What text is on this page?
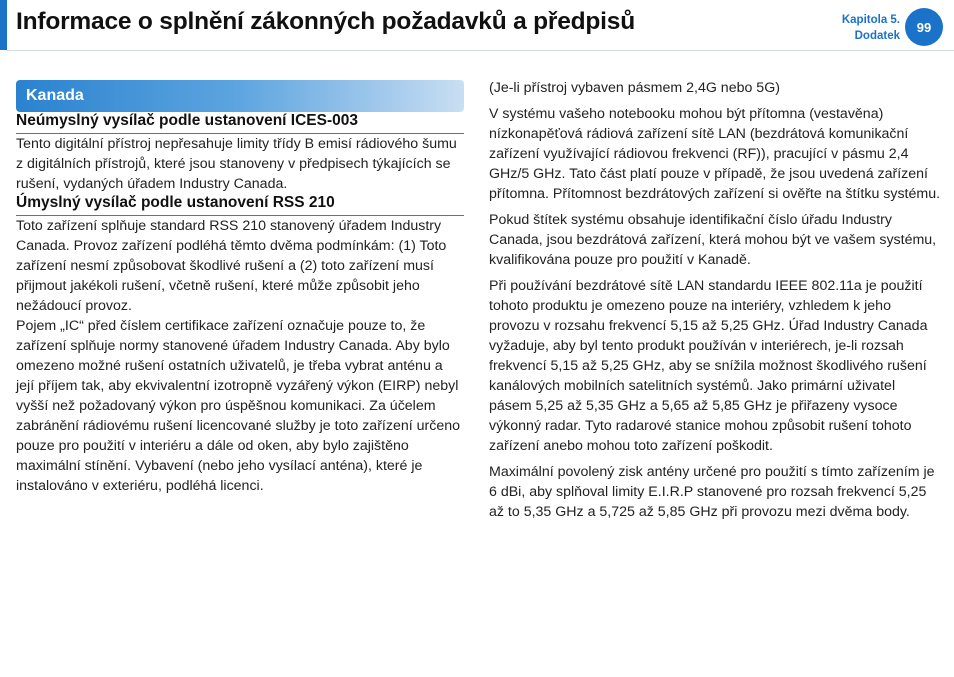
Informace o splnění zákonných požadavků a předpisů	Kapitola 5.
Dodatek
99
Kanada
Neúmyslný vysílač podle ustanovení ICES-003

Tento digitální přístroj nepřesahuje limity třídy B emisí rádiového šumu z digitálních přístrojů, které jsou stanoveny v předpisech týkajících se rušení, vydaných úřadem Industry Canada.

Úmyslný vysílač podle ustanovení RSS 210

Toto zařízení splňuje standard RSS 210 stanovený úřadem Industry Canada. Provoz zařízení podléhá těmto dvěma podmínkám: (1) Toto zařízení nesmí způsobovat škodlivé rušení a (2) toto zařízení musí přijmout jakékoli rušení, včetně rušení, které může způsobit jeho nežádoucí provoz.

Pojem „IC“ před číslem certifikace zařízení označuje pouze to, že zařízení splňuje normy stanovené úřadem Industry Canada. Aby bylo omezeno možné rušení ostatních uživatelů, je třeba vybrat anténu a její příjem tak, aby ekvivalentní izotropně vyzářený výkon (EIRP) nebyl vyšší než požadovaný výkon pro úspěšnou komunikaci. Za účelem zabránění rádiovému rušení licencované služby je toto zařízení určeno pouze pro použití v interiéru a dále od oken, aby bylo zajištěno maximální stínění. Vybavení (nebo jeho vysílací anténa), které je instalováno v exteriéru, podléhá licenci.

(Je-li přístroj vybaven pásmem 2,4G nebo 5G)

V systému vašeho notebooku mohou být přítomna (vestavěna) nízkonapěťová rádiová zařízení sítě LAN (bezdrátová komunikační zařízení využívající rádiovou frekvenci (RF)), pracující v pásmu 2,4 GHz/5 GHz. Tato část platí pouze v případě, že jsou uvedená zařízení přítomna. Přítomnost bezdrátových zařízení si ověřte na štítku systému.

Pokud štítek systému obsahuje identifikační číslo úřadu Industry Canada, jsou bezdrátová zařízení, která mohou být ve vašem systému, kvalifikována pouze pro použití v Kanadě.

Při používání bezdrátové sítě LAN standardu IEEE 802.11a je použití tohoto produktu je omezeno pouze na interiéry, vzhledem k jeho provozu v rozsahu frekvencí 5,15 až 5,25 GHz. Úřad Industry Canada vyžaduje, aby byl tento produkt používán v interiérech, je-li rozsah frekvencí 5,15 až 5,25 GHz, aby se snížila možnost škodlivého rušení kanálových mobilních satelitních systémů. Jako primární uživatel pásem 5,25 až 5,35 GHz a 5,65 až 5,85 GHz je přiřazeny vysoce výkonný radar. Tyto radarové stanice mohou způsobit rušení tohoto zařízení anebo mohou toto zařízení poškodit.

Maximální povolený zisk antény určené pro použití s tímto zařízením je 6 dBi, aby splňoval limity E.I.R.P stanovené pro rozsah frekvencí 5,25 až to 5,35 GHz a 5,725 až 5,85 GHz při provozu mezi dvěma body.
